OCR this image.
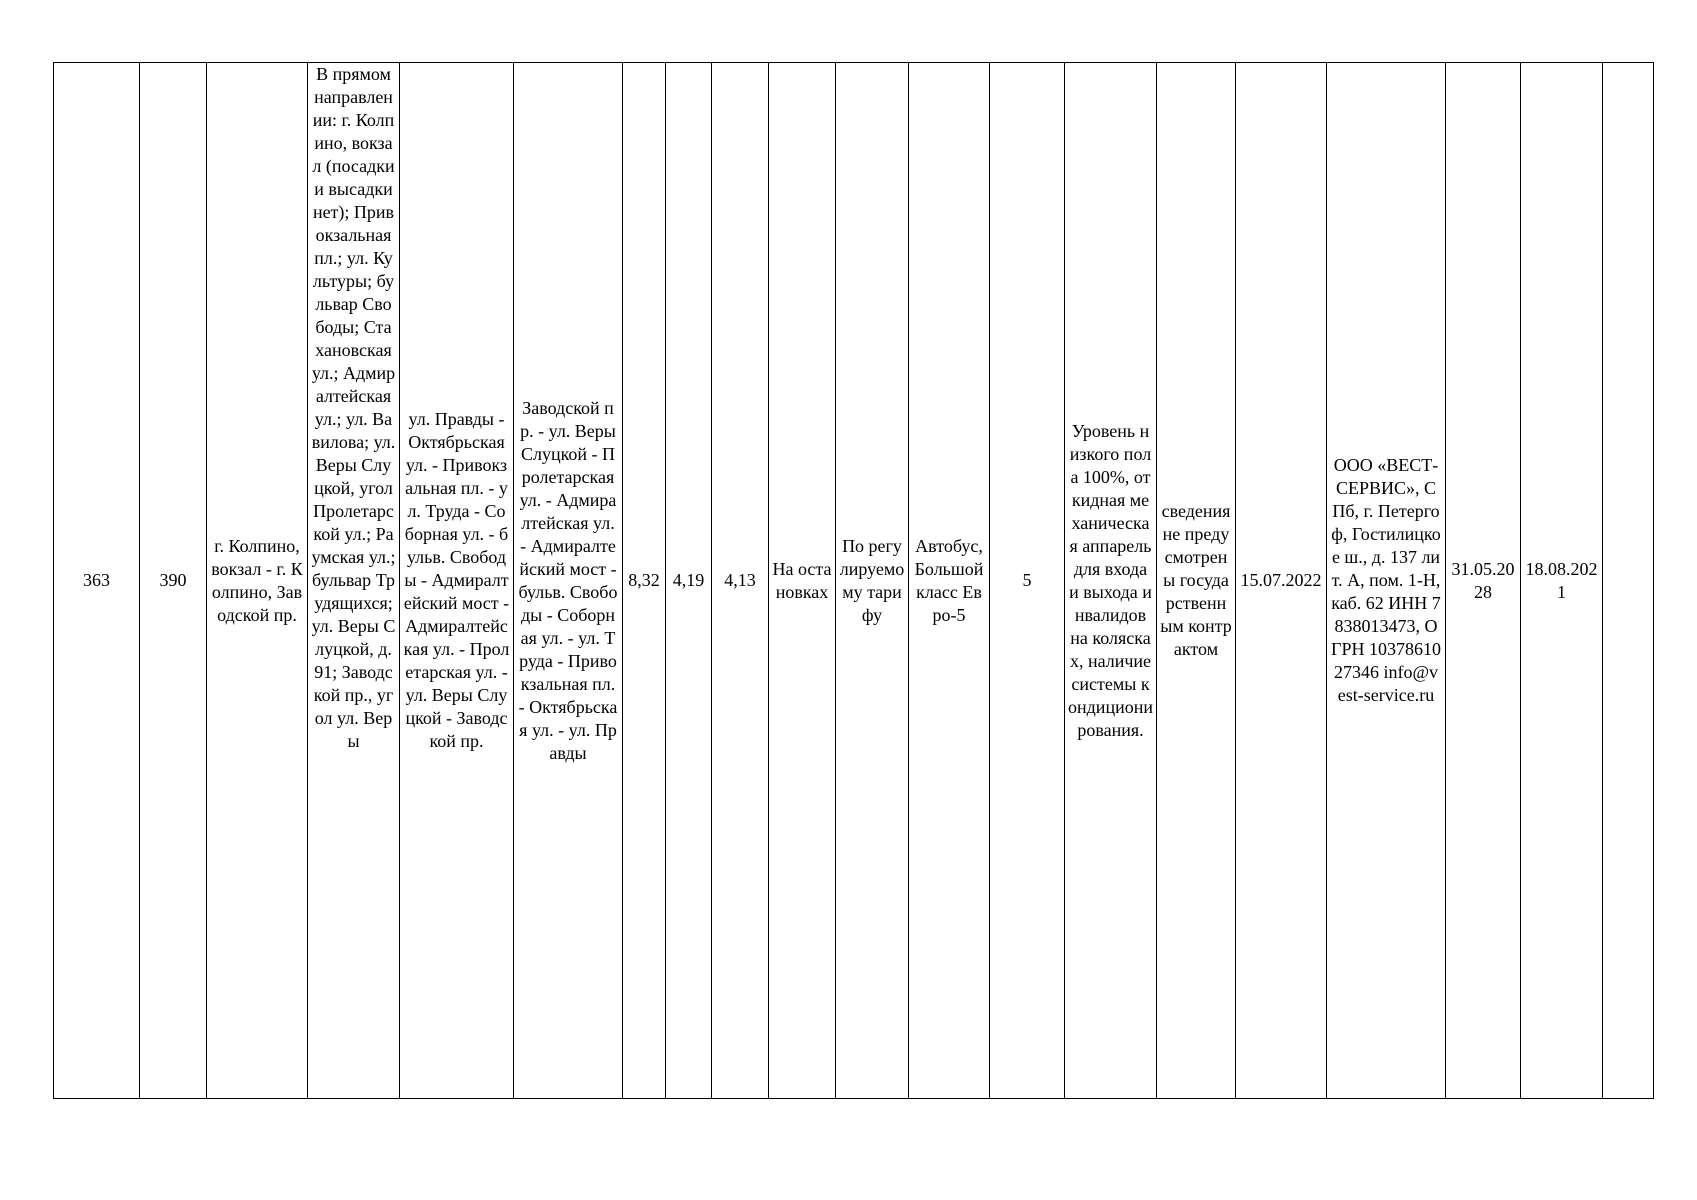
363	390	г. Колпино, вокзал - г. Колпино, Заводской пр.	В прямом направлении: г. Колпино, вокзал (посадки и высадки нет); Привокзальная пл.; ул. Культуры; бульвар Свободы; Стахановская ул.; Адмиралтейская ул.; ул. Вавилова; ул. Веры Слуцкой, угол Пролетарской ул.; Раумская ул.; бульвар Трудящихся; ул. Веры Слуцкой, д. 91; Заводской пр., угол ул. Веры	ул. Правды - Октябрьская ул. - Привокзальная пл. - ул. Труда - Соборная ул. - бульв. Свободы - Адмиралтейский мост - Адмиралтейская ул. - Пролетарская ул. - ул. Веры Слуцкой - Заводской пр.	Заводской пр. - ул. Веры Слуцкой - Пролетарская ул. - Адмиралтейская ул. - Адмиралтейский мост - бульв. Свободы - Соборная ул. - ул. Труда - Привокзальная пл. - Октябрьская ул. - ул. Правды	8,32	4,19	4,13	На остановках	По регулируемому тарифу	Автобус, Большой класс Евро-5	5	Уровень низкого пола 100%, откидная механическая аппарель для входа и выхода инвалидов на колясках, наличие системы кондиционирования.	сведения не предусмотрены государственным контрактом	15.07.2022	ООО «ВЕСТ-СЕРВИС», СПб, г. Петергоф, Гостилицкое ш., д. 137 лит. А, пом. 1-Н, каб. 62 ИНН 7838013473, ОГРН 1037861027346 info@vest-service.ru	31.05.2028	18.08.2021	
